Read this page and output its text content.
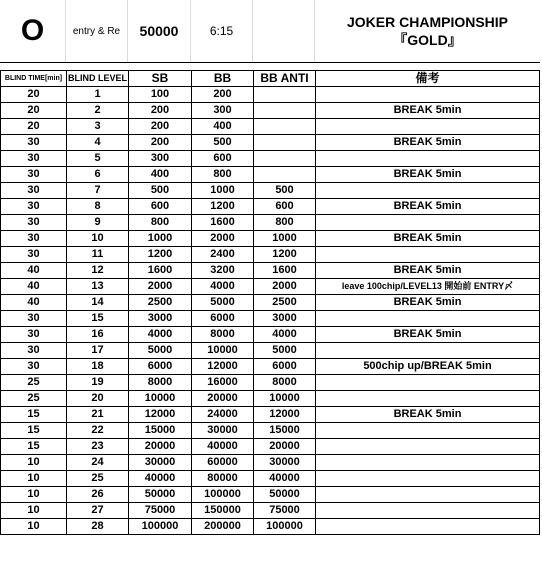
O	entry & Re	50000	6:15
JOKER CHAMPIONSHIP
『GOLD』
BLIND TIME[min]	BLIND LEVEL	SB	BB	BB ANTI	備考
20	1	100	200		
20	2	200	300		BREAK 5min
20	3	200	400		
30	4	200	500		BREAK 5min
30	5	300	600		
30	6	400	800		BREAK 5min
30	7	500	1000	500	
30	8	600	1200	600	BREAK 5min
30	9	800	1600	800	
30	10	1000	2000	1000	BREAK 5min
30	11	1200	2400	1200	
40	12	1600	3200	1600	BREAK 5min
40	13	2000	4000	2000	leave 100chip/LEVEL13 開始前 ENTRY〆
40	14	2500	5000	2500	BREAK 5min
30	15	3000	6000	3000	
30	16	4000	8000	4000	BREAK 5min
30	17	5000	10000	5000	
30	18	6000	12000	6000	500chip up/BREAK 5min
25	19	8000	16000	8000	
25	20	10000	20000	10000	
15	21	12000	24000	12000	BREAK 5min
15	22	15000	30000	15000	
15	23	20000	40000	20000	
10	24	30000	60000	30000	
10	25	40000	80000	40000	
10	26	50000	100000	50000	
10	27	75000	150000	75000	
10	28	100000	200000	100000	
